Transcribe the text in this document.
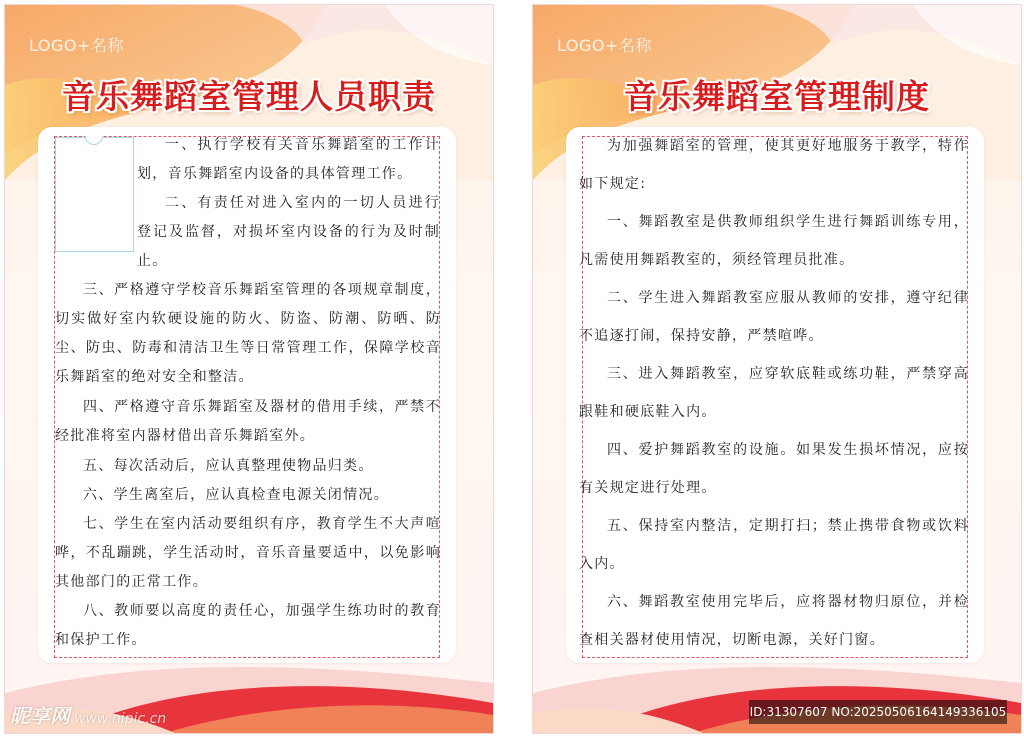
LOGO+名称
音乐舞蹈室管理人员职责

一、执行学校有关音乐舞蹈室的工作计划，音乐舞蹈室内设备的具体管理工作。

二、有责任对进入室内的一切人员进行登记及监督，对损坏室内设备的行为及时制止。

三、严格遵守学校音乐舞蹈室管理的各项规章制度，切实做好室内软硬设施的防火、防盗、防潮、防晒、防尘、防虫、防毒和清洁卫生等日常管理工作，保障学校音乐舞蹈室的绝对安全和整洁。

四、严格遵守音乐舞蹈室及器材的借用手续，严禁不经批准将室内器材借出音乐舞蹈室外。

五、每次活动后，应认真整理使物品归类。

六、学生离室后，应认真检查电源关闭情况。

七、学生在室内活动要组织有序，教育学生不大声喧哗，不乱蹦跳，学生活动时，音乐音量要适中，以免影响其他部门的正常工作。

八、教师要以高度的责任心，加强学生练功时的教育和保护工作。

LOGO+名称
音乐舞蹈室管理制度

为加强舞蹈室的管理，使其更好地服务于教学，特作如下规定:

一、舞蹈教室是供教师组织学生进行舞蹈训练专用，凡需使用舞蹈教室的，须经管理员批准。

二、学生进入舞蹈教室应服从教师的安排，遵守纪律不追逐打闹，保持安静，严禁喧哗。

三、进入舞蹈教室，应穿软底鞋或练功鞋，严禁穿高跟鞋和硬底鞋入内。

四、爱护舞蹈教室的设施。如果发生损坏情况，应按有关规定进行处理。

五、保持室内整洁，定期打扫；禁止携带食物或饮料入内。

六、舞蹈教室使用完毕后，应将器材物归原位，并检查相关器材使用情况，切断电源，关好门窗。

昵享网 www.nipic.cn	ID:31307607 NO:20250506164149336105
